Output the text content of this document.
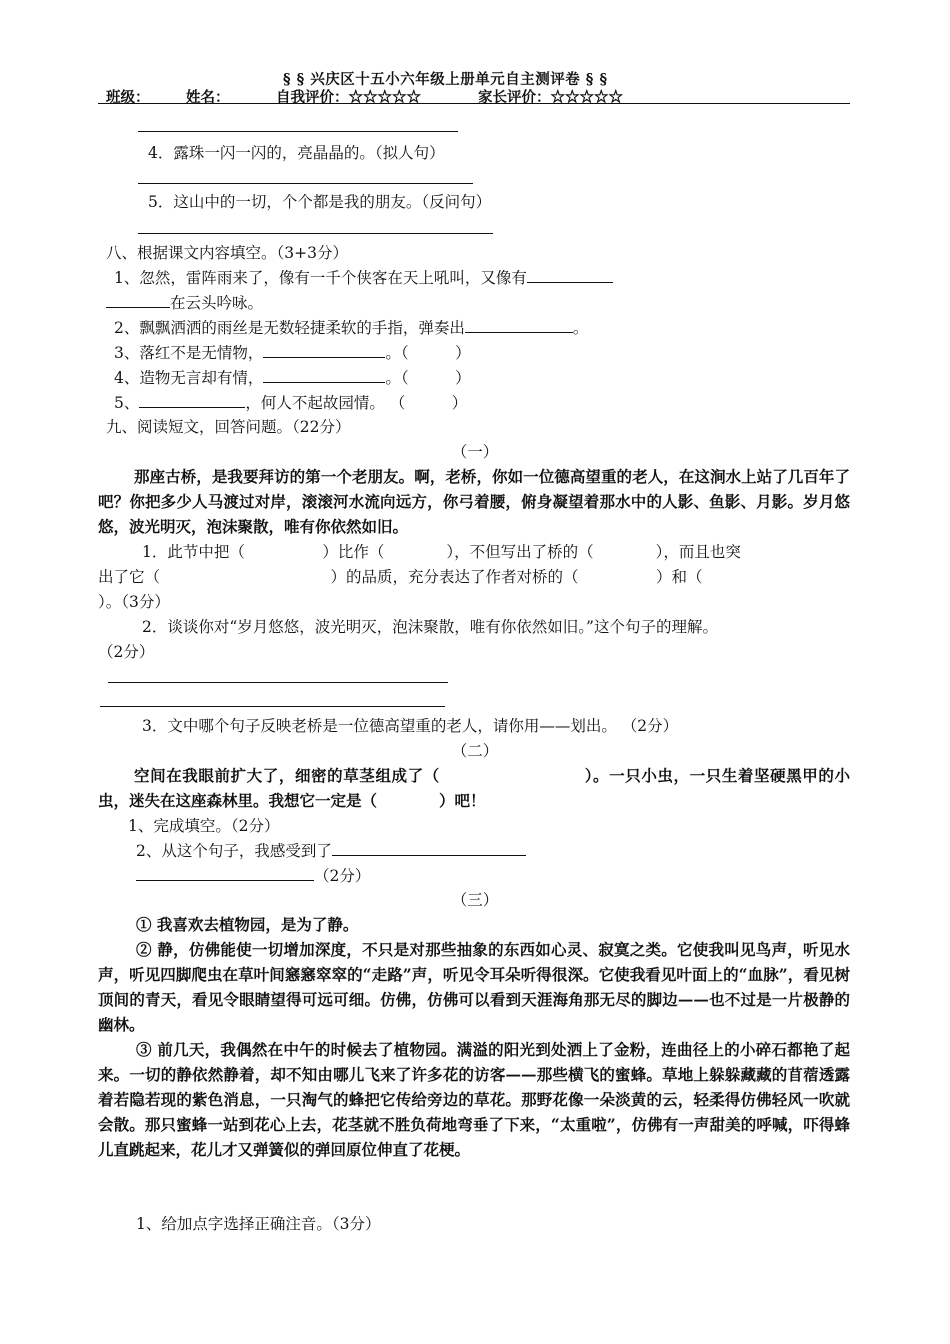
§ § 兴庆区十五小六年级上册单元自主测评卷 § §
班级：	姓名：	自我评价：☆☆☆☆☆	家长评价：☆☆☆☆☆
4．露珠一闪一闪的，亮晶晶的。（拟人句）
5．这山中的一切，个个都是我的朋友。（反问句）
八、根据课文内容填空。（3+3分）
1、忽然，雷阵雨来了，像有一千个侠客在天上吼叫，又像有
在云头吟咏。
2、飘飘洒洒的雨丝是无数轻捷柔软的手指，弹奏出	。
3、落红不是无情物，	。（　　　）
4、造物无言却有情，	。（　　　）
5、	，何人不起故园情。 （　　　）
九、阅读短文，回答问题。（22分）
（一）

那座古桥，是我要拜访的第一个老朋友。啊，老桥，你如一位德高望重的老人，在这涧水上站了几百年了吧？你把多少人马渡过对岸，滚滚河水流向远方，你弓着腰，俯身凝望着那水中的人影、鱼影、月影。岁月悠悠，波光明灭，泡沫聚散，唯有你依然如旧。

1．此节中把（　　　　　）比作（　　　　），不但写出了桥的（　　　　），而且也突
出了它（　　　　　　　　　　　）的品质，充分表达了作者对桥的（　　　　　）和（
）。（3分）
2．谈谈你对“岁月悠悠，波光明灭，泡沫聚散，唯有你依然如旧。”这个句子的理解。
（2分）
3．文中哪个句子反映老桥是一位德高望重的老人，请你用——划出。 （2分）
（二）

空间在我眼前扩大了，细密的草茎组成了（　　　　　　　　　）。一只小虫，一只生着坚硬黑甲的小虫，迷失在这座森林里。我想它一定是（　　　　）吧！

1、完成填空。（2分）
2、从这个句子，我感受到了
（2分）
（三）

① 我喜欢去植物园，是为了静。

② 静，仿佛能使一切增加深度，不只是对那些抽象的东西如心灵、寂寞之类。它使我叫见鸟声，听见水声，听见四脚爬虫在草叶间窸窸窣窣的“走路”声，听见令耳朵听得很深。它使我看见叶面上的“血脉”，看见树顶间的青天，看见令眼睛望得可远可细。仿佛，仿佛可以看到天涯海角那无尽的脚边——也不过是一片极静的幽林。

③ 前几天，我偶然在中午的时候去了植物园。满溢的阳光到处洒上了金粉，连曲径上的小碎石都艳了起来。一切的静依然静着，却不知由哪儿飞来了许多花的访客——那些横飞的蜜蜂。草地上躲躲藏藏的苜蓿透露着若隐若现的紫色消息，一只淘气的蜂把它传给旁边的草花。那野花像一朵淡黄的云，轻柔得仿佛轻风一吹就会散。那只蜜蜂一站到花心上去，花茎就不胜负荷地弯垂了下来，“太重啦”，仿佛有一声甜美的呼喊，吓得蜂儿直跳起来，花儿才又弹簧似的弹回原位伸直了花梗。

1、给加点字选择正确注音。（3分）
